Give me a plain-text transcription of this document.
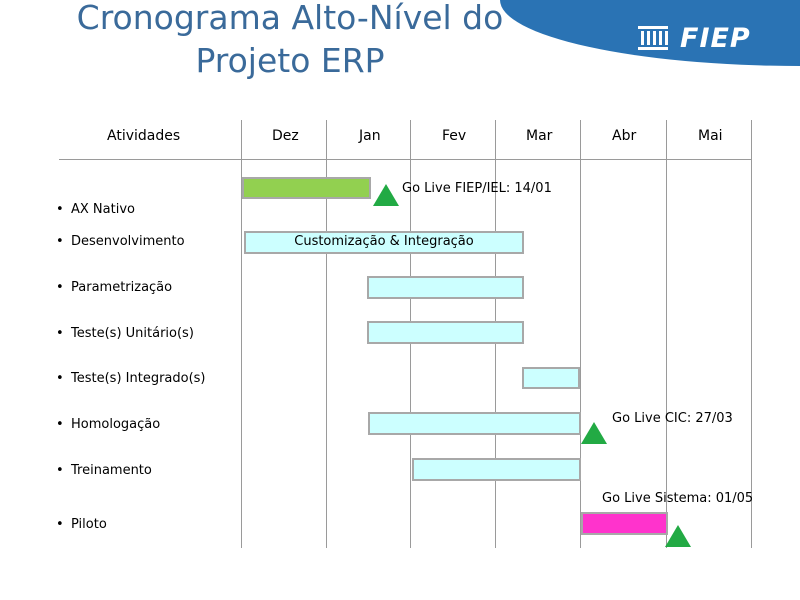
Cronograma Alto-Nível do
Projeto ERP
FIEP
Atividades	Dez	Jan	Fev	Mar	Abr	Mai
• AX Nativo
• Desenvolvimento
• Parametrização
• Teste(s) Unitário(s)
• Teste(s) Integrado(s)
• Homologação
• Treinamento
• Piloto
Customização & Integração
Go Live FIEP/IEL: 14/01
Go Live CIC: 27/03
Go Live Sistema: 01/05
